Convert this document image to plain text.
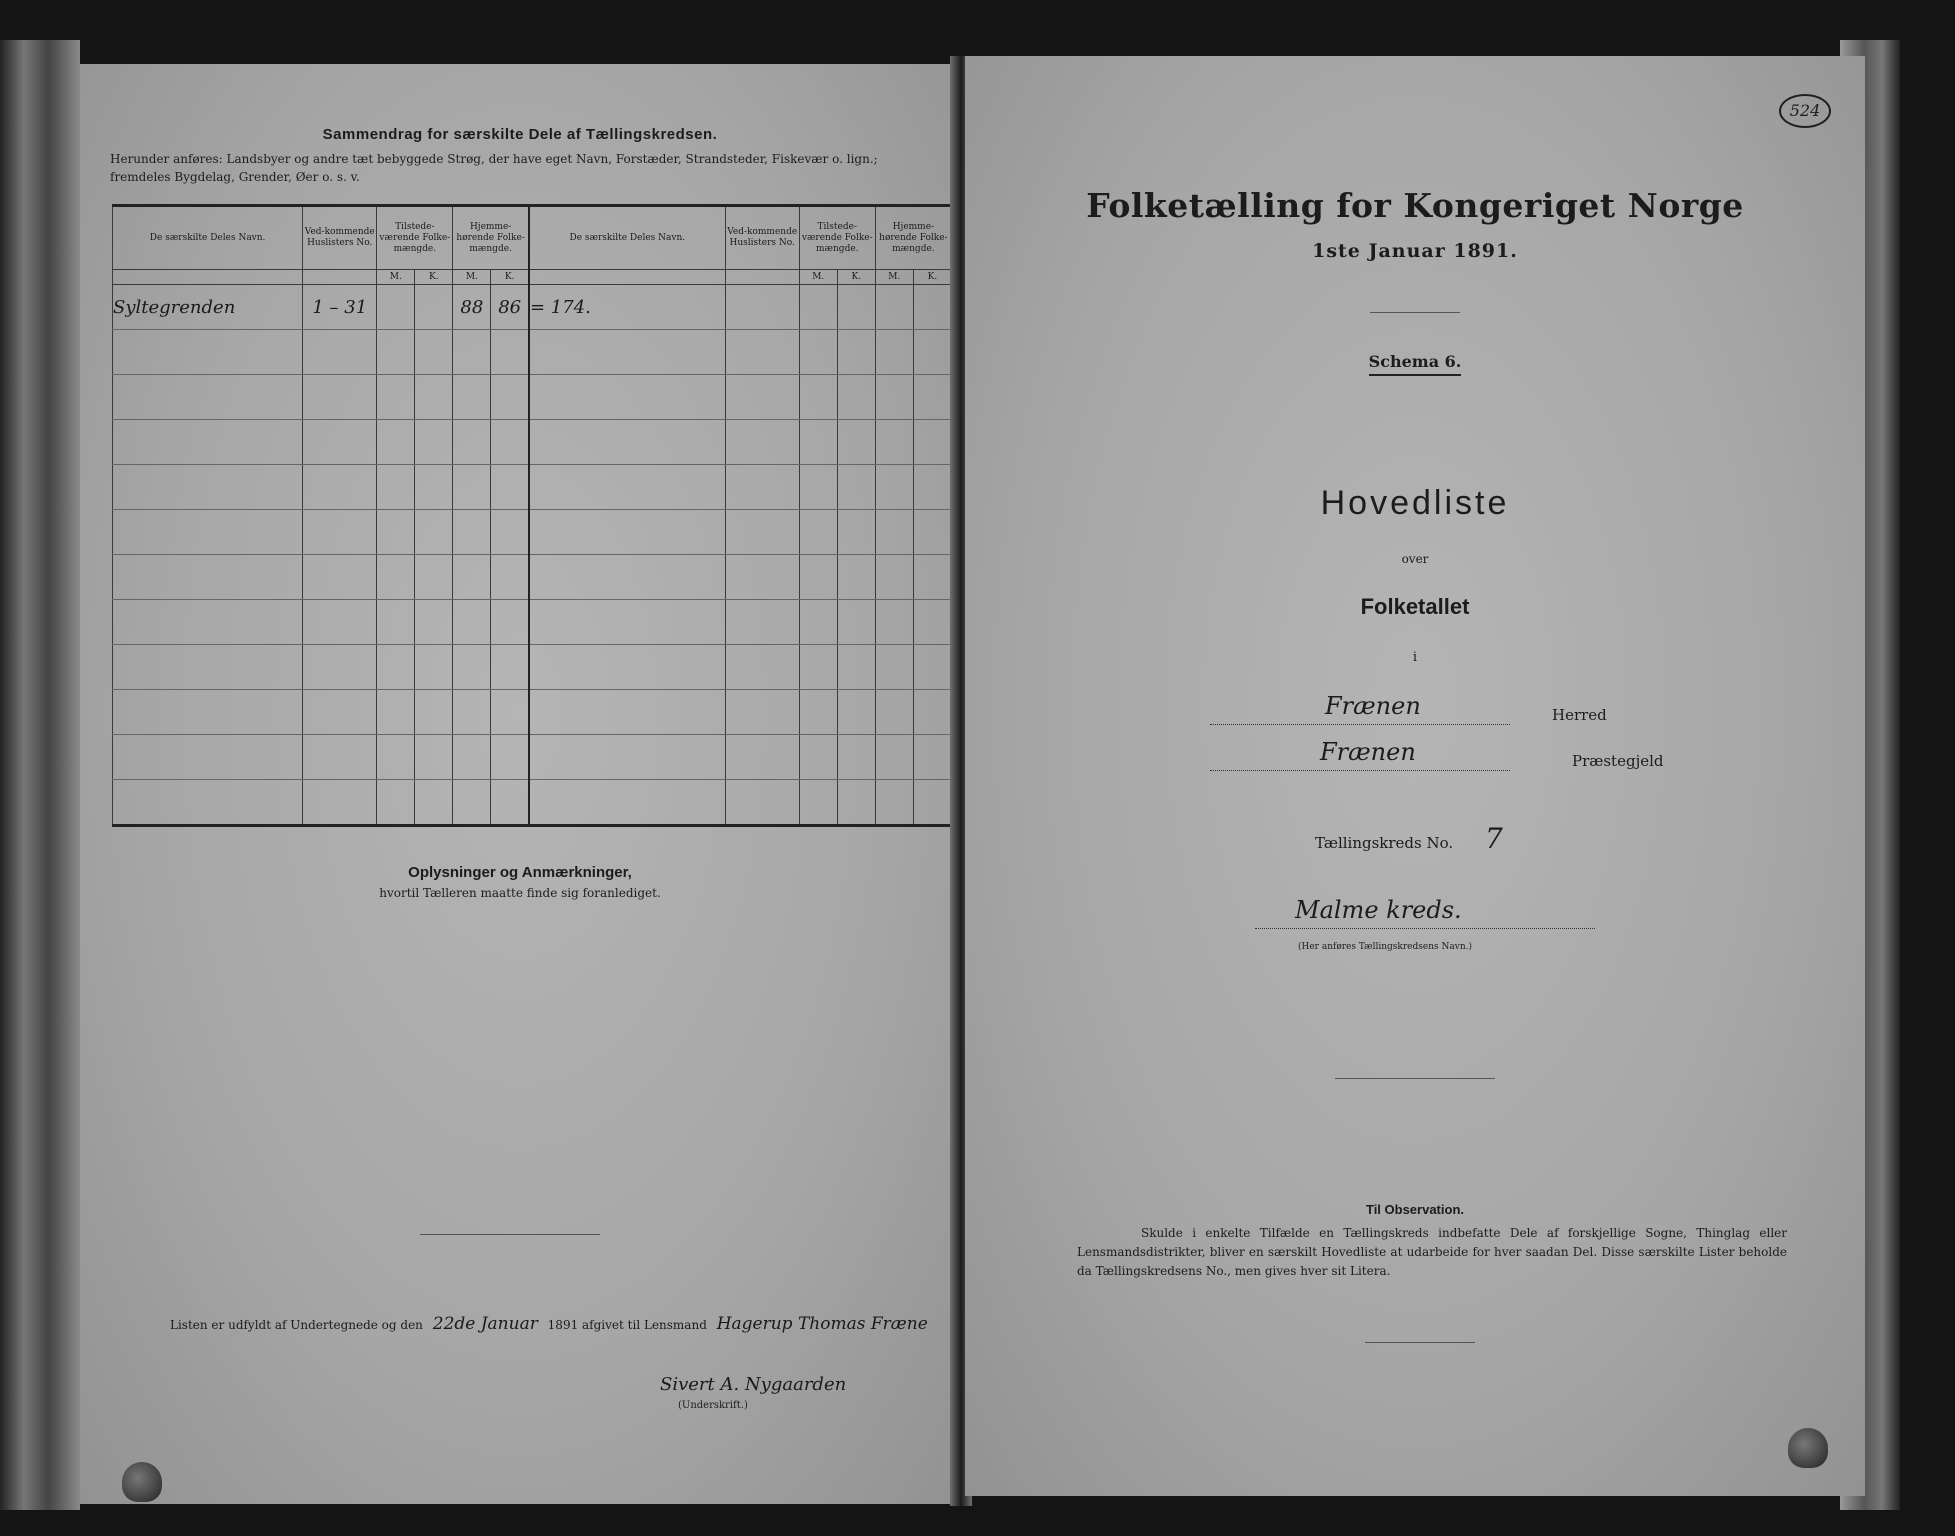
Sammendrag for særskilte Dele af Tællingskredsen.
Herunder anføres: Landsbyer og andre tæt bebyggede Strøg, der have eget Navn, Forstæder, Strandsteder, Fiskevær o. lign.; fremdeles Bygdelag, Grender, Øer o. s. v.
De særskilte Deles Navn.	Ved-kommende Huslisters No.	Tilstede-værende Folke-mængde.		Hjemme-hørende Folke-mængde.		De særskilte Deles Navn.	Ved-kommende Huslisters No.	Tilstede-værende Folke-mængde.		Hjemme-hørende Folke-mængde.	
		M.	K.	M.	K.			M.	K.	M.	K.
Syltegrenden	1 – 31			88	86	= 174.					

Oplysninger og Anmærkninger,
hvortil Tælleren maatte finde sig foranlediget.
Listen er udfyldt af Undertegnede og den 22de Januar 1891 afgivet til Lensmand Hagerup Thomas Fræne
Sivert A. Nygaarden
(Underskrift.)
524
Folketælling for Kongeriget Norge
1ste Januar 1891.
Schema 6.
Hovedliste
over
Folketallet
i
Frænen	Herred
Frænen	Præstegjeld
Tællingskreds No. 7
Malme kreds.
(Her anføres Tællingskredsens Navn.)
Til Observation.
Skulde i enkelte Tilfælde en Tællingskreds indbefatte Dele af forskjellige Sogne, Thinglag eller Lensmandsdistrikter, bliver en særskilt Hovedliste at udarbeide for hver saadan Del. Disse særskilte Lister beholde da Tællingskredsens No., men gives hver sit Litera.
